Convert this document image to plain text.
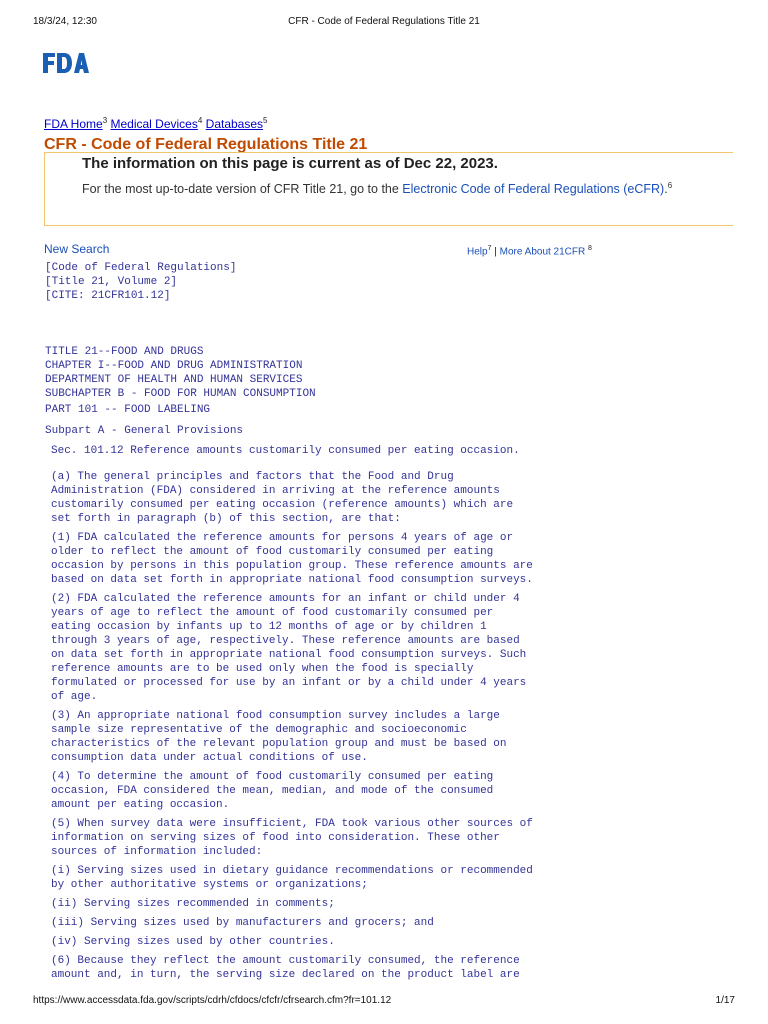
18/3/24, 12:30	CFR - Code of Federal Regulations Title 21
FDA Home$^3$ Medical Devices$^4$ Databases$^5$
CFR - Code of Federal Regulations Title 21
The information on this page is current as of Dec 22, 2023.
For the most up-to-date version of CFR Title 21, go to the Electronic Code of Federal Regulations (eCFR).$^6$
New Search	Help$^7$ | More About 21CFR $^8$
[Code of Federal Regulations]
[Title 21, Volume 2]
[CITE: 21CFR101.12]
TITLE 21--FOOD AND DRUGS
CHAPTER I--FOOD AND DRUG ADMINISTRATION
DEPARTMENT OF HEALTH AND HUMAN SERVICES
SUBCHAPTER B - FOOD FOR HUMAN CONSUMPTION
PART 101 -- FOOD LABELING
Subpart A - General Provisions
Sec. 101.12 Reference amounts customarily consumed per eating occasion.

(a) The general principles and factors that the Food and Drug
Administration (FDA) considered in arriving at the reference amounts
customarily consumed per eating occasion (reference amounts) which are
set forth in paragraph (b) of this section, are that:

(1) FDA calculated the reference amounts for persons 4 years of age or
older to reflect the amount of food customarily consumed per eating
occasion by persons in this population group. These reference amounts are
based on data set forth in appropriate national food consumption surveys.

(2) FDA calculated the reference amounts for an infant or child under 4
years of age to reflect the amount of food customarily consumed per
eating occasion by infants up to 12 months of age or by children 1
through 3 years of age, respectively. These reference amounts are based
on data set forth in appropriate national food consumption surveys. Such
reference amounts are to be used only when the food is specially
formulated or processed for use by an infant or by a child under 4 years
of age.

(3) An appropriate national food consumption survey includes a large
sample size representative of the demographic and socioeconomic
characteristics of the relevant population group and must be based on
consumption data under actual conditions of use.

(4) To determine the amount of food customarily consumed per eating
occasion, FDA considered the mean, median, and mode of the consumed
amount per eating occasion.

(5) When survey data were insufficient, FDA took various other sources of
information on serving sizes of food into consideration. These other
sources of information included:

(i) Serving sizes used in dietary guidance recommendations or recommended
by other authoritative systems or organizations;

(ii) Serving sizes recommended in comments;

(iii) Serving sizes used by manufacturers and grocers; and

(iv) Serving sizes used by other countries.

(6) Because they reflect the amount customarily consumed, the reference
amount and, in turn, the serving size declared on the product label are

https://www.accessdata.fda.gov/scripts/cdrh/cfdocs/cfcfr/cfrsearch.cfm?fr=101.12	1/17
